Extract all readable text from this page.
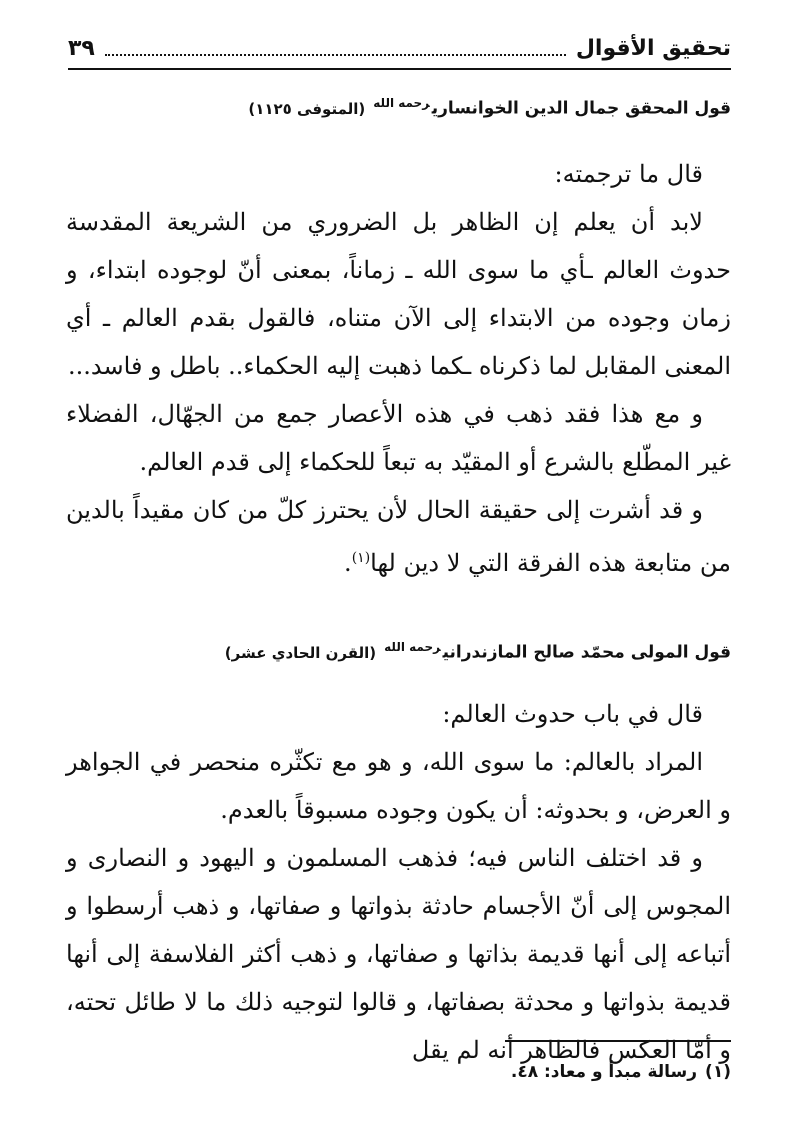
تحقيق الأقوال
٣٩
قول المحقق جمال الدين الخوانساري$^{رحمه الله}$(المتوفى ١١٢٥)

قال ما ترجمته:

لابد أن يعلم إن الظاهر بل الضروري من الشريعة المقدسة حدوث العالم ـأي ما سوى الله ـ زماناً، بمعنى أنّ لوجوده ابتداء، و زمان وجوده من الابتداء إلى الآن متناه، فالقول بقدم العالم ـ أي المعنى المقابل لما ذكرناه ـكما ذهبت إليه الحكماء.. باطل و فاسد...

و مع هذا فقد ذهب في هذه الأعصار جمع من الجهّال، الفضلاء غير المطّلع بالشرع أو المقيّد به تبعاً للحكماء إلى قدم العالم.

و قد أشرت إلى حقيقة الحال لأن يحترز كلّ من كان مقيداً بالدين من متابعة هذه الفرقة التي لا دين لها$^{(١)}$.

قول المولى محمّد صالح المازندراني$^{رحمه الله}$(القرن الحادي عشر)

قال في باب حدوث العالم:

المراد بالعالم: ما سوى الله، و هو مع تكثّره منحصر في الجواهر و العرض، و بحدوثه: أن يكون وجوده مسبوقاً بالعدم.

و قد اختلف الناس فيه؛ فذهب المسلمون و اليهود و النصارى و المجوس إلى أنّ الأجسام حادثة بذواتها و صفاتها، و ذهب أرسطوا و أتباعه إلى أنها قديمة بذاتها و صفاتها، و ذهب أكثر الفلاسفة إلى أنها قديمة بذواتها و محدثة بصفاتها، و قالوا لتوجيه ذلك ما لا طائل تحته، و أمّا العكس فالظاهر أنه لم يقل

(١)رسالة مبدأ و معاد: ٤٨.
